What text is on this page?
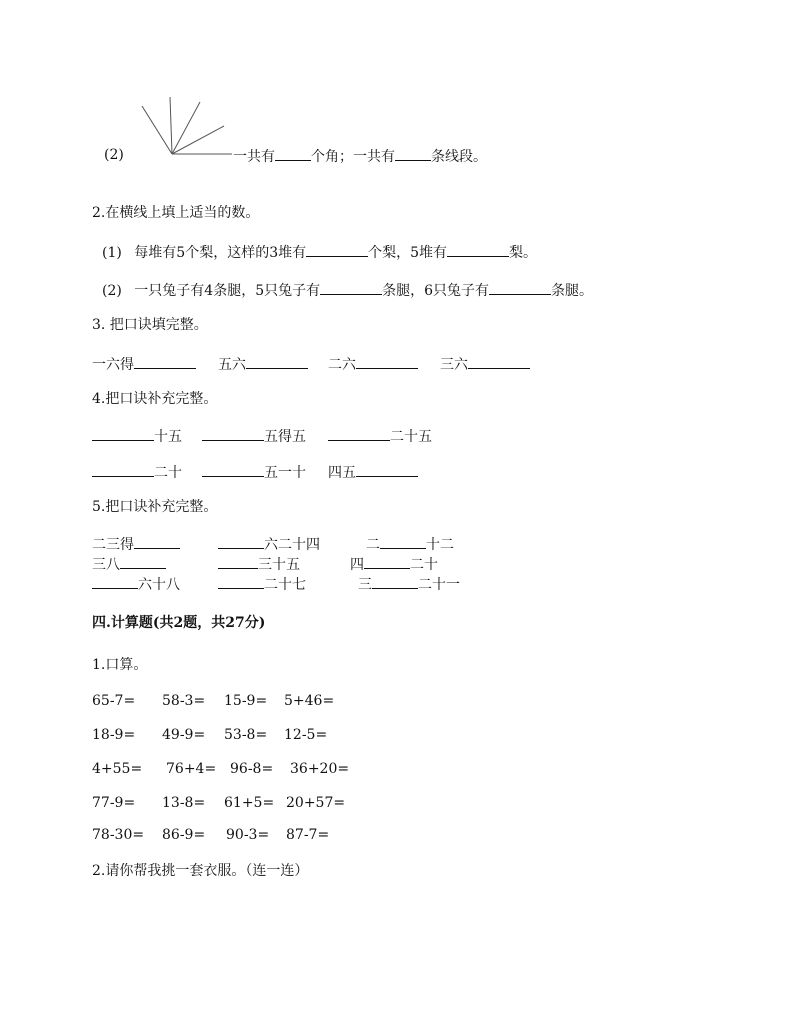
(2)	一共有	个角；一共有	条线段。
2.在横线上填上适当的数。
(1) 每堆有5个梨，这样的3堆有	个梨，5堆有	梨。
(2) 一只兔子有4条腿，5只兔子有	条腿，6只兔子有	条腿。
3. 把口诀填完整。
一六得	五六	二六	三六
4.把口诀补充完整。
十五	五得五	二十五
二十	五一十 四五
5.把口诀补充完整。
二三得	六二十四	二	十二
三八	三十五	四	二十
六十八	二十七	三	二十一
四.计算题(共2题，共27分)
1.口算。
65-7= 58-3= 15-9= 5+46=
18-9= 49-9= 53-8= 12-5=
4+55= 76+4= 96-8= 36+20=
77-9= 13-8= 61+5= 20+57=
78-30= 86-9= 90-3= 87-7=
2.请你帮我挑一套衣服。（连一连）
